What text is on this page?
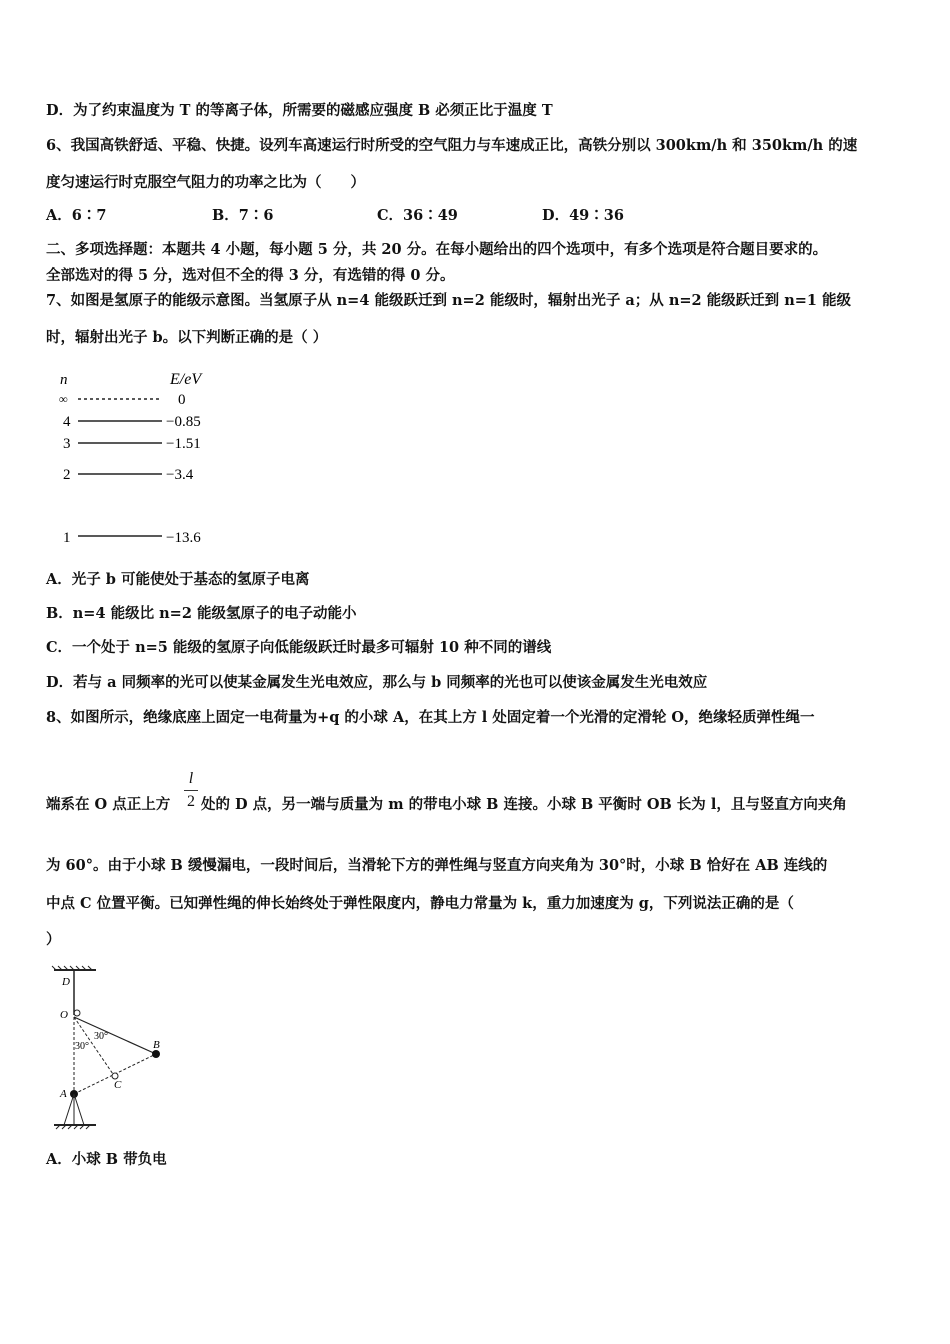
D．为了约束温度为 T 的等离子体，所需要的磁感应强度 B 必须正比于温度 T
6、我国高铁舒适、平稳、快捷。设列车高速运行时所受的空气阻力与车速成正比，高铁分别以 300km/h 和 350km/h 的速
度匀速运行时克服空气阻力的功率之比为（　　）
A．6∶7	B．7∶6	C．36∶49	D．49∶36
二、多项选择题：本题共 4 小题，每小题 5 分，共 20 分。在每小题给出的四个选项中，有多个选项是符合题目要求的。
全部选对的得 5 分，选对但不全的得 3 分，有选错的得 0 分。
7、如图是氢原子的能级示意图。当氢原子从 n=4 能级跃迁到 n=2 能级时，辐射出光子 a；从 n=2 能级跃迁到 n=1 能级
时，辐射出光子 b。以下判断正确的是（ ）
n	E/eV
∞	0
4	−0.85
3	−1.51
2	−3.4
1	−13.6
A．光子 b 可能使处于基态的氢原子电离
B．n=4 能级比 n=2 能级氢原子的电子动能小
C．一个处于 n=5 能级的氢原子向低能级跃迁时最多可辐射 10 种不同的谱线
D．若与 a 同频率的光可以使某金属发生光电效应，那么与 b 同频率的光也可以使该金属发生光电效应
8、如图所示，绝缘底座上固定一电荷量为+q 的小球 A，在其上方 l 处固定着一个光滑的定滑轮 O，绝缘轻质弹性绳一
l
2
端系在 O 点正上方 处的 D 点，另一端与质量为 m 的带电小球 B 连接。小球 B 平衡时 OB 长为 l，且与竖直方向夹角
为 60°。由于小球 B 缓慢漏电，一段时间后，当滑轮下方的弹性绳与竖直方向夹角为 30°时，小球 B 恰好在 AB 连线的
中点 C 位置平衡。已知弹性绳的伸长始终处于弹性限度内，静电力常量为 k，重力加速度为 g，下列说法正确的是（
）
D
O
A
B
C
30°
30°
A．小球 B 带负电
